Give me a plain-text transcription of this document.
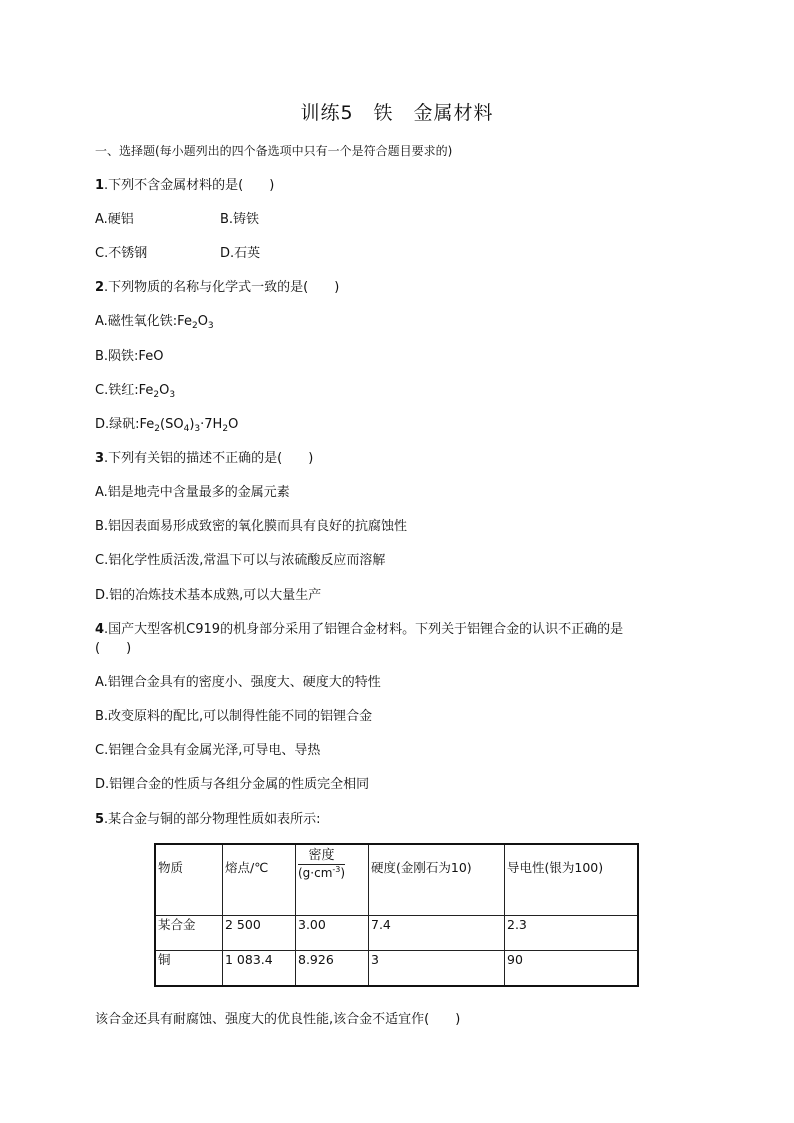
训练5　铁　金属材料
一、选择题(每小题列出的四个备选项中只有一个是符合题目要求的)
1.下列不含金属材料的是(　　)
A.硬铝	B.铸铁
C.不锈钢	D.石英
2.下列物质的名称与化学式一致的是(　　)
A.磁性氧化铁$:Fe_2O_3$
B.陨铁:FeO
C.铁红$:Fe_2O_3$
D.绿矾$:Fe_2(SO_4)_3\cdot 7H_2O$
3.下列有关铝的描述不正确的是(　　)
A.铝是地壳中含量最多的金属元素
B.铝因表面易形成致密的氧化膜而具有良好的抗腐蚀性
C.铝化学性质活泼,常温下可以与浓硫酸反应而溶解
D.铝的冶炼技术基本成熟,可以大量生产
4.国产大型客机C919的机身部分采用了铝锂合金材料。下列关于铝锂合金的认识不正确的是
(　　)
A.铝锂合金具有的密度小、强度大、硬度大的特性
B.改变原料的配比,可以制得性能不同的铝锂合金
C.铝锂合金具有金属光泽,可导电、导热
D.铝锂合金的性质与各组分金属的性质完全相同
5.某合金与铜的部分物理性质如表所示:
物质	熔点/℃	$\frac{\text{密度}}{(g\cdot cm^{-3})}$	硬度(金刚石为10)	导电性(银为100)
某合金	2 500	3.00	7.4	2.3
铜	1 083.4	8.926	3	90
该合金还具有耐腐蚀、强度大的优良性能,该合金不适宜作(　　)
